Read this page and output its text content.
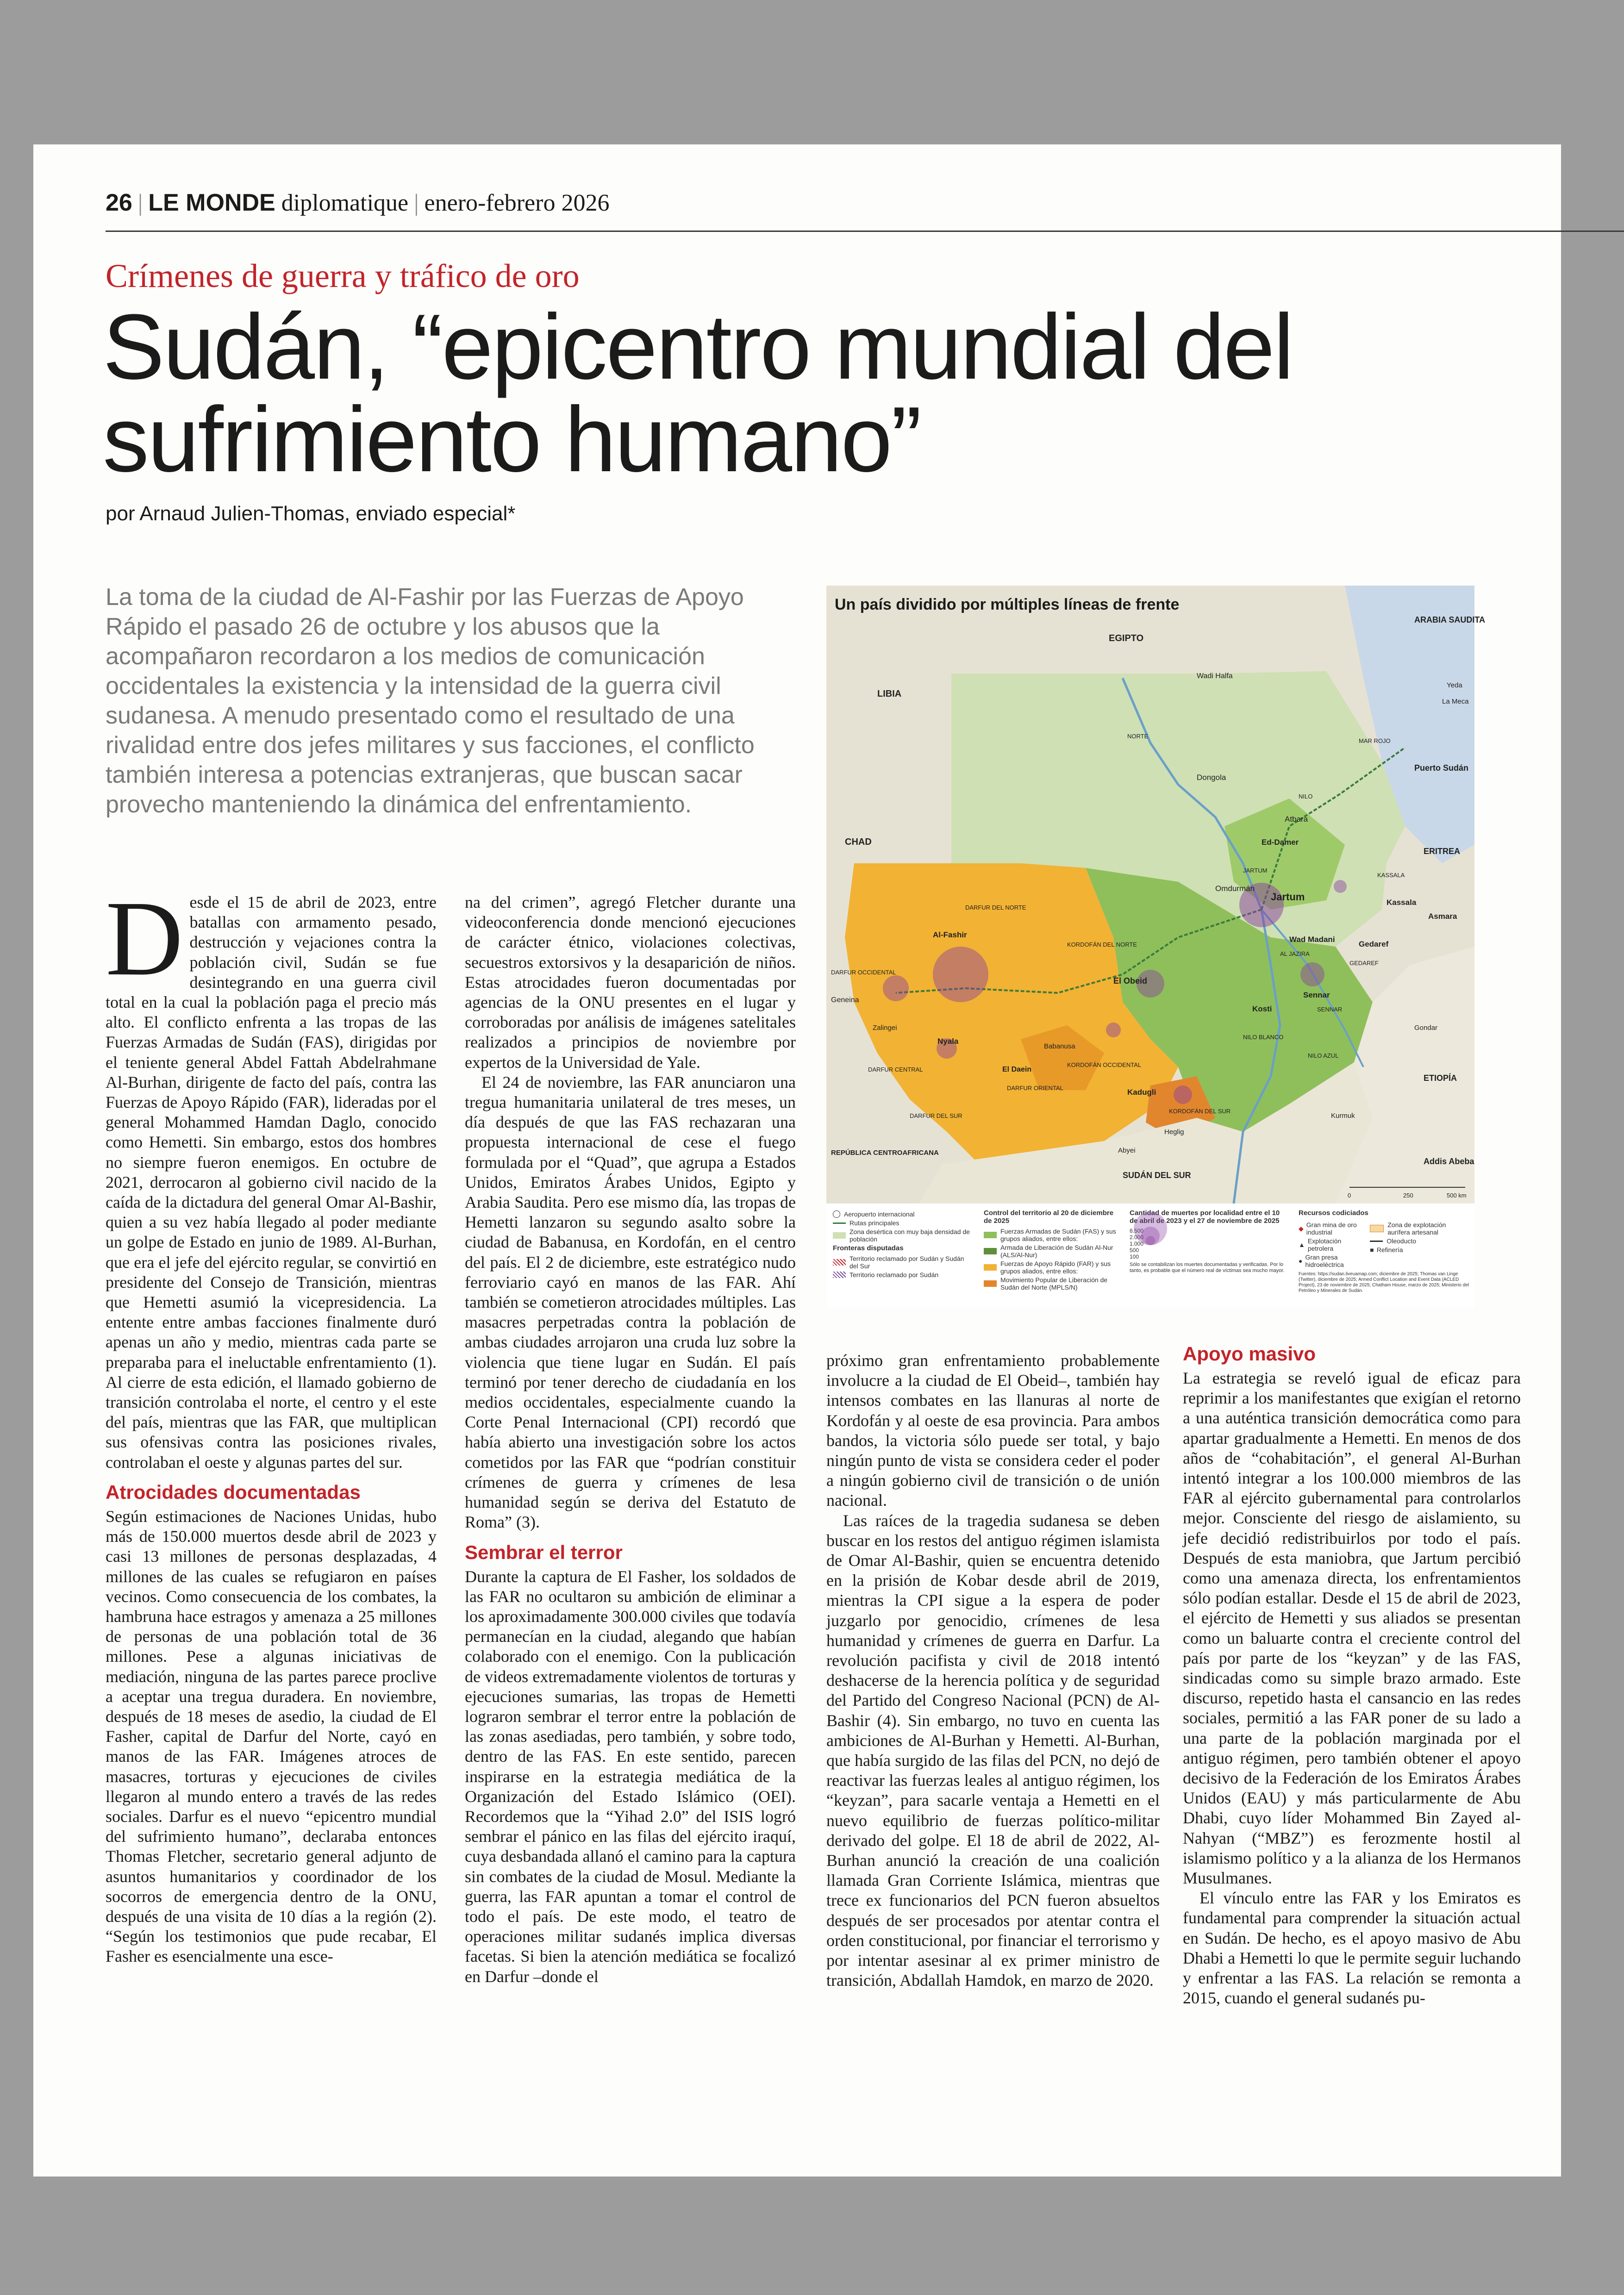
26 | LE MONDE diplomatique | enero-febrero 2026
Crímenes de guerra y tráfico de oro
Sudán, “epicentro mundial del sufrimiento humano”
por Arnaud Julien-Thomas, enviado especial*
La toma de la ciudad de Al-Fashir por las Fuerzas de Apoyo Rápido el pasado 26 de octubre y los abusos que la acompañaron recordaron a los medios de comunicación occidentales la existencia y la intensidad de la guerra civil sudanesa. A menudo presentado como el resultado de una rivalidad entre dos jefes militares y sus facciones, el conflicto también interesa a potencias extranjeras, que buscan sacar provecho manteniendo la dinámica del enfrentamiento.
EGIPTO
LIBIA
CHAD
ARABIA SAUDITA
ERITREA
ETIOPÍA
SUDÁN DEL SUR
REPÚBLICA CENTROAFRICANA
Jartum
Omdurmán
Puerto Sudán
Kassala
Atbara
Dongola
Wadi Halfa
El Obeid
Al-Fashir
Nyala
Geneina
Kadugli
Wad Madani
Kosti
Sennar
Gedaref
Ed-Damer
Asmara
Addis Abeba
Yeda
La Meca
Abyei
Gondar
Heglig
Kurmuk
El Daein
Zalingei
Babanusa
DARFUR DEL NORTE
DARFUR DEL SUR
DARFUR CENTRAL
DARFUR OCCIDENTAL
DARFUR ORIENTAL
KORDOFÁN DEL NORTE
KORDOFÁN DEL SUR
KORDOFÁN OCCIDENTAL
NILO BLANCO
NILO AZUL
AL JAZIRA
SENNAR
MAR ROJO
KASSALA
NORTE
NILO
JARTUM
GEDAREF
0	250	500 km
Un país dividido por múltiples líneas de frente
Aeropuerto internacional
Rutas principales
Zona desértica con muy baja densidad de población
Fronteras disputadas
Territorio reclamado por Sudán y Sudán del Sur
Territorio reclamado por Sudán
Control del territorio al 20 de diciembre de 2025
Fuerzas Armadas de Sudán (FAS) y sus grupos aliados, entre ellos:
Armada de Liberación de Sudán Al-Nur (ALS/Al-Nur)
Fuerzas de Apoyo Rápido (FAR) y sus grupos aliados, entre ellos:
Movimiento Popular de Liberación de Sudán del Norte (MPLS/N)
Cantidad de muertes por localidad entre el 10 de abril de 2023 y el 27 de noviembre de 2025
8.500
2.000
1.000
500
100
Sólo se contabilizan los muertes documentadas y verificadas. Por lo tanto, es probable que el número real de víctimas sea mucho mayor.
Recursos codiciados
◆ Gran mina de oro industrial
▲ Explotación petrolera
● Gran presa hidroeléctrica
Zona de explotación aurífera artesanal
Oleoducto
■ Refinería
Fuentes: https://sudan.liveuamap.com; diciembre de 2025; Thomas van Linge (Twitter), diciembre de 2025; Armed Conflict Location and Event Data (ACLED Project), 23 de noviembre de 2025; Chatham House, marzo de 2025; Ministerio del Petróleo y Minerales de Sudán.
D esde el 15 de abril de 2023, entre batallas con armamento pesado, destrucción y vejaciones contra la población civil, Sudán se fue desintegrando en una guerra civil total en la cual la población paga el precio más alto. El conflicto enfrenta a las tropas de las Fuerzas Armadas de Sudán (FAS), dirigidas por el teniente general Abdel Fattah Abdelrahmane Al-Burhan, dirigente de facto del país, contra las Fuerzas de Apoyo Rápido (FAR), lideradas por el general Mohammed Hamdan Daglo, conocido como Hemetti. Sin embargo, estos dos hombres no siempre fueron enemigos. En octubre de 2021, derrocaron al gobierno civil nacido de la caída de la dictadura del general Omar Al-Bashir, quien a su vez había llegado al poder mediante un golpe de Estado en junio de 1989. Al-Burhan, que era el jefe del ejército regular, se convirtió en presidente del Consejo de Transición, mientras que Hemetti asumió la vicepresidencia. La entente entre ambas facciones finalmente duró apenas un año y medio, mientras cada parte se preparaba para el ineluctable enfrentamiento (1). Al cierre de esta edición, el llamado gobierno de transición controlaba el norte, el centro y el este del país, mientras que las FAR, que multiplican sus ofensivas contra las posiciones rivales, controlaban el oeste y algunas partes del sur.

Atrocidades documentadas

Según estimaciones de Naciones Unidas, hubo más de 150.000 muertos desde abril de 2023 y casi 13 millones de personas desplazadas, 4 millones de las cuales se refugiaron en países vecinos. Como consecuencia de los combates, la hambruna hace estragos y amenaza a 25 millones de personas de una población total de 36 millones. Pese a algunas iniciativas de mediación, ninguna de las partes parece proclive a aceptar una tregua duradera. En noviembre, después de 18 meses de asedio, la ciudad de El Fasher, capital de Darfur del Norte, cayó en manos de las FAR. Imágenes atroces de masacres, torturas y ejecuciones de civiles llegaron al mundo entero a través de las redes sociales. Darfur es el nuevo “epicentro mundial del sufrimiento humano”, declaraba entonces Thomas Fletcher, secretario general adjunto de asuntos humanitarios y coordinador de los socorros de emergencia dentro de la ONU, después de una visita de 10 días a la región (2). “Según los testimonios que pude recabar, El Fasher es esencialmente una esce-

na del crimen”, agregó Fletcher durante una videoconferencia donde mencionó ejecuciones de carácter étnico, violaciones colectivas, secuestros extorsivos y la desaparición de niños. Estas atrocidades fueron documentadas por agencias de la ONU presentes en el lugar y corroboradas por análisis de imágenes satelitales realizados a principios de noviembre por expertos de la Universidad de Yale.

El 24 de noviembre, las FAR anunciaron una tregua humanitaria unilateral de tres meses, un día después de que las FAS rechazaran una propuesta internacional de cese el fuego formulada por el “Quad”, que agrupa a Estados Unidos, Emiratos Árabes Unidos, Egipto y Arabia Saudita. Pero ese mismo día, las tropas de Hemetti lanzaron su segundo asalto sobre la ciudad de Babanusa, en Kordofán, en el centro del país. El 2 de diciembre, este estratégico nudo ferroviario cayó en manos de las FAR. Ahí también se cometieron atrocidades múltiples. Las masacres perpetradas contra la población de ambas ciudades arrojaron una cruda luz sobre la violencia que tiene lugar en Sudán. El país terminó por tener derecho de ciudadanía en los medios occidentales, especialmente cuando la Corte Penal Internacional (CPI) recordó que había abierto una investigación sobre los actos cometidos por las FAR que “podrían constituir crímenes de guerra y crímenes de lesa humanidad según se deriva del Estatuto de Roma” (3).

Sembrar el terror

Durante la captura de El Fasher, los soldados de las FAR no ocultaron su ambición de eliminar a los aproximadamente 300.000 civiles que todavía permanecían en la ciudad, alegando que habían colaborado con el enemigo. Con la publicación de videos extremadamente violentos de torturas y ejecuciones sumarias, las tropas de Hemetti lograron sembrar el terror entre la población de las zonas asediadas, pero también, y sobre todo, dentro de las FAS. En este sentido, parecen inspirarse en la estrategia mediática de la Organización del Estado Islámico (OEI). Recordemos que la “Yihad 2.0” del ISIS logró sembrar el pánico en las filas del ejército iraquí, cuya desbandada allanó el camino para la captura sin combates de la ciudad de Mosul. Mediante la guerra, las FAR apuntan a tomar el control de todo el país. De este modo, el teatro de operaciones militar sudanés implica diversas facetas. Si bien la atención mediática se focalizó en Darfur –donde el

próximo gran enfrentamiento probablemente involucre a la ciudad de El Obeid–, también hay intensos combates en las llanuras al norte de Kordofán y al oeste de esa provincia. Para ambos bandos, la victoria sólo puede ser total, y bajo ningún punto de vista se considera ceder el poder a ningún gobierno civil de transición o de unión nacional.

Las raíces de la tragedia sudanesa se deben buscar en los restos del antiguo régimen islamista de Omar Al-Bashir, quien se encuentra detenido en la prisión de Kobar desde abril de 2019, mientras la CPI sigue a la espera de poder juzgarlo por genocidio, crímenes de lesa humanidad y crímenes de guerra en Darfur. La revolución pacifista y civil de 2018 intentó deshacerse de la herencia política y de seguridad del Partido del Congreso Nacional (PCN) de Al-Bashir (4). Sin embargo, no tuvo en cuenta las ambiciones de Al-Burhan y Hemetti. Al-Burhan, que había surgido de las filas del PCN, no dejó de reactivar las fuerzas leales al antiguo régimen, los “keyzan”, para sacarle ventaja a Hemetti en el nuevo equilibrio de fuerzas político-militar derivado del golpe. El 18 de abril de 2022, Al-Burhan anunció la creación de una coalición llamada Gran Corriente Islámica, mientras que trece ex funcionarios del PCN fueron absueltos después de ser procesados por atentar contra el orden constitucional, por financiar el terrorismo y por intentar asesinar al ex primer ministro de transición, Abdallah Hamdok, en marzo de 2020.

Apoyo masivo

La estrategia se reveló igual de eficaz para reprimir a los manifestantes que exigían el retorno a una auténtica transición democrática como para apartar gradualmente a Hemetti. En menos de dos años de “cohabitación”, el general Al-Burhan intentó integrar a los 100.000 miembros de las FAR al ejército gubernamental para controlarlos mejor. Consciente del riesgo de aislamiento, su jefe decidió redistribuirlos por todo el país. Después de esta maniobra, que Jartum percibió como una amenaza directa, los enfrentamientos sólo podían estallar. Desde el 15 de abril de 2023, el ejército de Hemetti y sus aliados se presentan como un baluarte contra el creciente control del país por parte de los “keyzan” y de las FAS, sindicadas como su simple brazo armado. Este discurso, repetido hasta el cansancio en las redes sociales, permitió a las FAR poner de su lado a una parte de la población marginada por el antiguo régimen, pero también obtener el apoyo decisivo de la Federación de los Emiratos Árabes Unidos (EAU) y más particularmente de Abu Dhabi, cuyo líder Mohammed Bin Zayed al-Nahyan (“MBZ”) es ferozmente hostil al islamismo político y a la alianza de los Hermanos Musulmanes.

El vínculo entre las FAR y los Emiratos es fundamental para comprender la situación actual en Sudán. De hecho, es el apoyo masivo de Abu Dhabi a Hemetti lo que le permite seguir luchando y enfrentar a las FAS. La relación se remonta a 2015, cuando el general sudanés pu-
